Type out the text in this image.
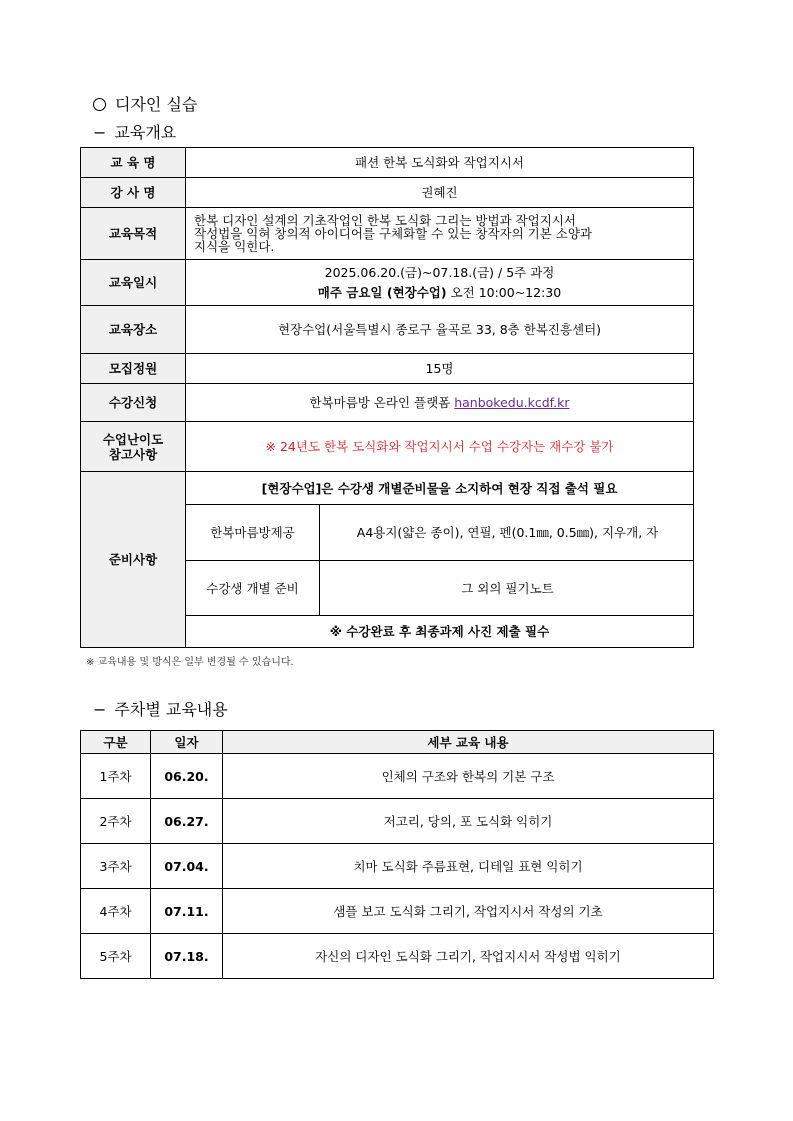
디자인 실습
− 교육개요
교 육 명	패션 한복 도식화와 작업지시서	
강 사 명	권혜진	
교육목적	한복 디자인 설계의 기초작업인 한복 도식화 그리는 방법과 작업지시서
작성법을 익혀 창의적 아이디어를 구체화할 수 있는 창작자의 기본 소양과
지식을 익힌다.	

교육일시	2025.06.20.(금)~07.18.(금) / 5주 과정
매주 금요일 (현장수업) 오전 10:00~12:30	

교육장소	현장수업(서울특별시 종로구 율곡로 33, 8층 한복진흥센터)	
모집정원	15명	
수강신청	한복마름방 온라인 플랫폼 hanbokedu.kcdf.kr	

수업난이도
참고사항	※ 24년도 한복 도식화와 작업지시서 수업 수강자는 재수강 불가	
준비사항	[현장수업]은 수강생 개별준비물을 소지하여 현장 직접 출석 필요	
	한복마름방제공	A4용지(얇은 종이), 연필, 펜(0.1㎜, 0.5㎜), 지우개, 자
	수강생 개별 준비	그 외의 필기노트
	※ 수강완료 후 최종과제 사진 제출 필수	
※ 교육내용 및 방식은 일부 변경될 수 있습니다.
− 주차별 교육내용
구분	일자	세부 교육 내용
1주차	06.20.	인체의 구조와 한복의 기본 구조
2주차	06.27.	저고리, 당의, 포 도식화 익히기
3주차	07.04.	치마 도식화 주름표현, 디테일 표현 익히기
4주차	07.11.	샘플 보고 도식화 그리기, 작업지시서 작성의 기초
5주차	07.18.	자신의 디자인 도식화 그리기, 작업지시서 작성법 익히기
